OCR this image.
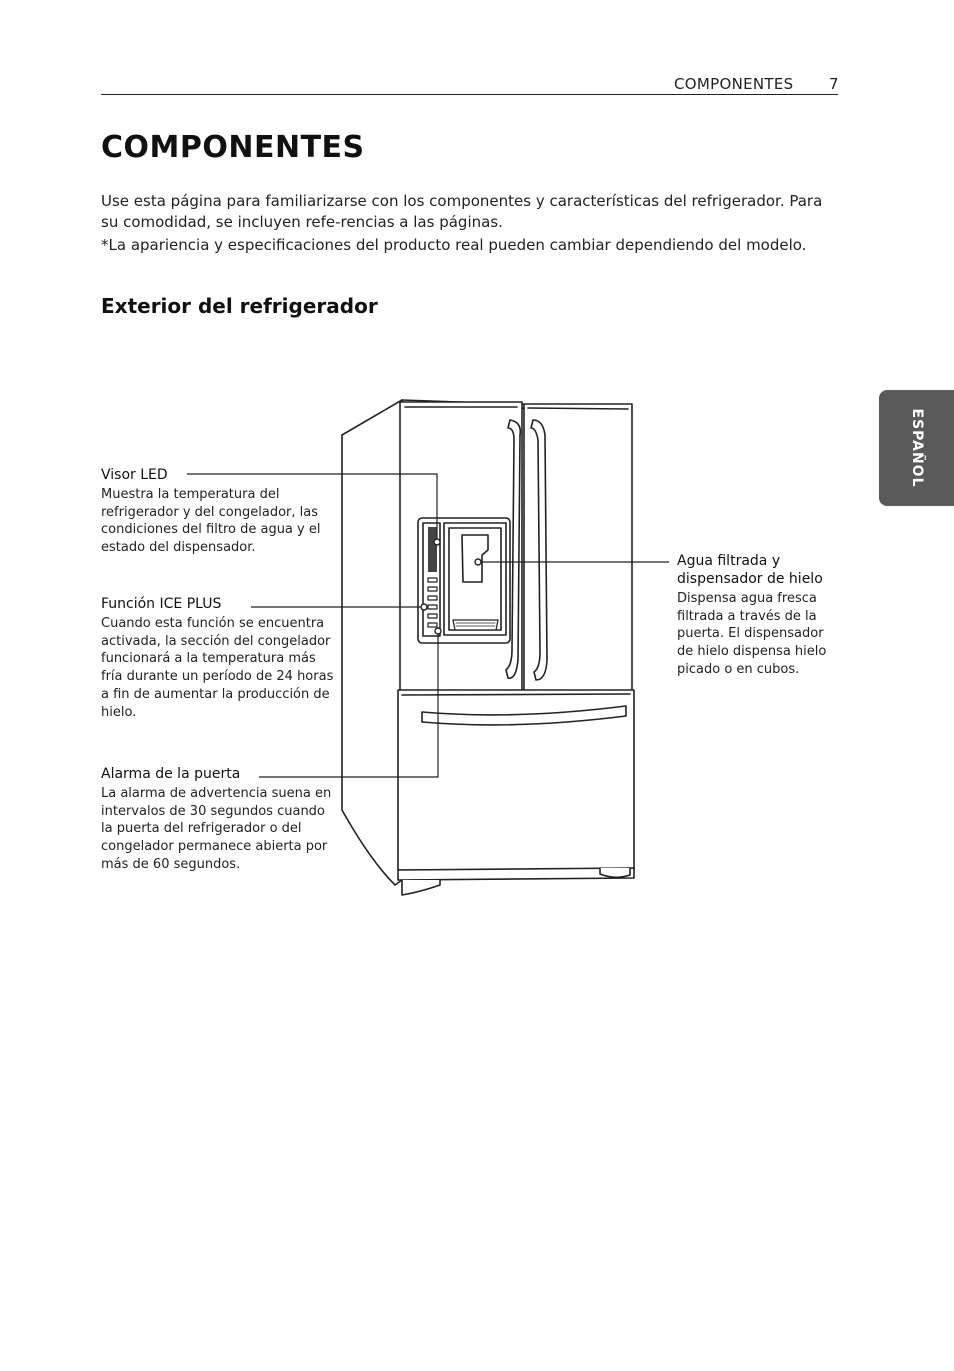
COMPONENTES 7
COMPONENTES

Use esta página para familiarizarse con los componentes y características del refrigerador. Para su comodidad, se incluyen refe-rencias a las páginas.

*La apariencia y especificaciones del producto real pueden cambiar dependiendo del modelo.

Exterior del refrigerador
ESPAÑOL
Visor LED

Muestra la temperatura del refrigerador y del congelador, las condiciones del filtro de agua y el estado del dispensador.

Función ICE PLUS

Cuando esta función se encuentra activada, la sección del congelador funcionará a la temperatura más fría durante un período de 24 horas a fin de aumentar la producción de hielo.

Alarma de la puerta

La alarma de advertencia suena en intervalos de 30 segundos cuando la puerta del refrigerador o del congelador permanece abierta por más de 60 segundos.

Agua filtrada y dispensador de hielo

Dispensa agua fresca filtrada a través de la puerta. El dispensador de hielo dispensa hielo picado o en cubos.
